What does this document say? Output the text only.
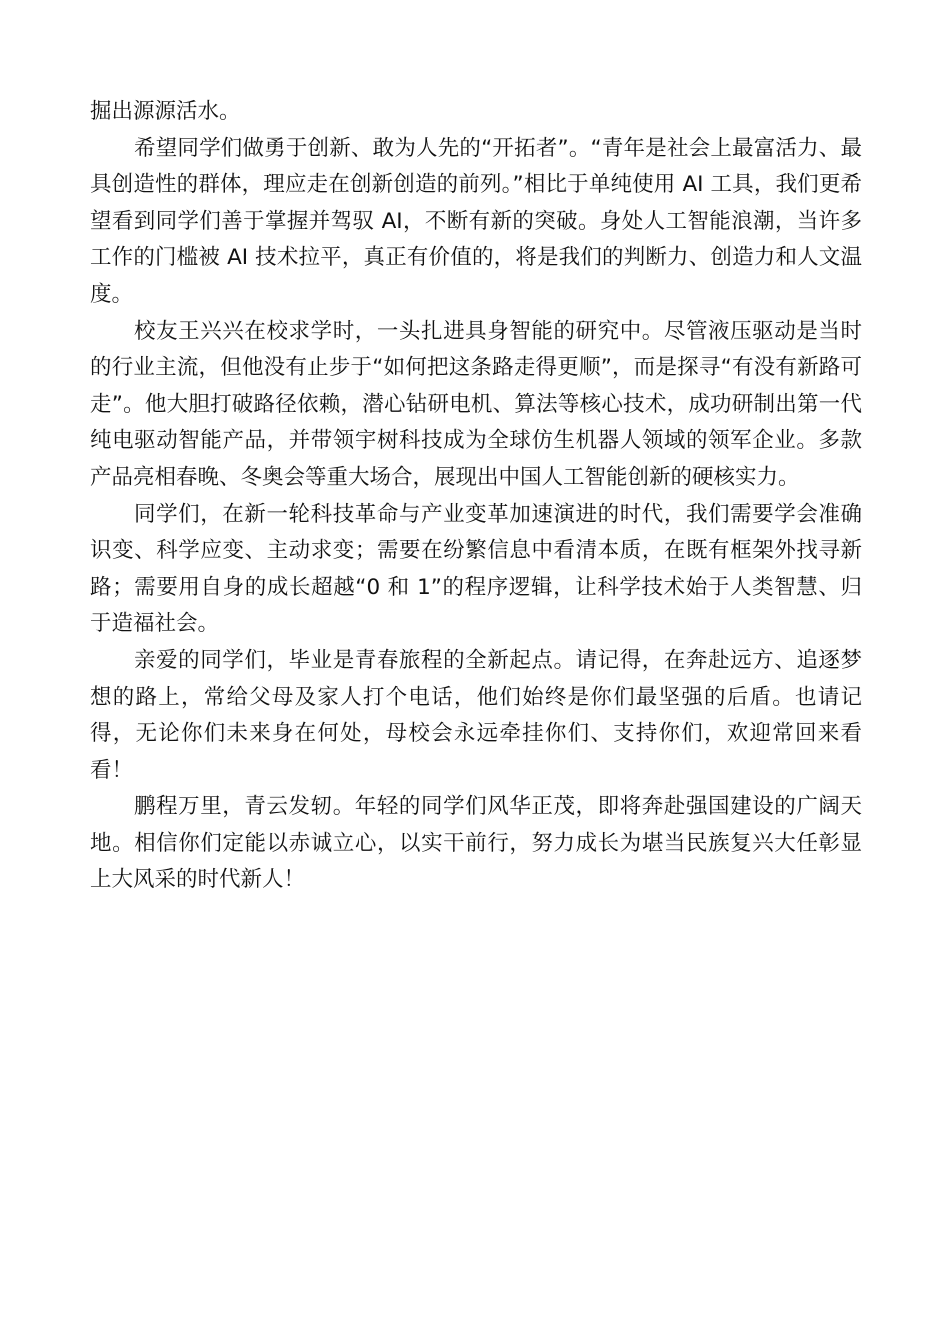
掘出源源活水。

希望同学们做勇于创新、敢为人先的“开拓者”。“青年是社会上最富活力、最具创造性的群体，理应走在创新创造的前列。”相比于单纯使用 AI 工具，我们更希望看到同学们善于掌握并驾驭 AI，不断有新的突破。身处人工智能浪潮，当许多工作的门槛被 AI 技术拉平，真正有价值的，将是我们的判断力、创造力和人文温度。

校友王兴兴在校求学时，一头扎进具身智能的研究中。尽管液压驱动是当时的行业主流，但他没有止步于“如何把这条路走得更顺”，而是探寻“有没有新路可走”。他大胆打破路径依赖，潜心钻研电机、算法等核心技术，成功研制出第一代纯电驱动智能产品，并带领宇树科技成为全球仿生机器人领域的领军企业。多款产品亮相春晚、冬奥会等重大场合，展现出中国人工智能创新的硬核实力。

同学们，在新一轮科技革命与产业变革加速演进的时代，我们需要学会准确识变、科学应变、主动求变；需要在纷繁信息中看清本质，在既有框架外找寻新路；需要用自身的成长超越“0 和 1”的程序逻辑，让科学技术始于人类智慧、归于造福社会。

亲爱的同学们，毕业是青春旅程的全新起点。请记得，在奔赴远方、追逐梦想的路上，常给父母及家人打个电话，他们始终是你们最坚强的后盾。也请记得，无论你们未来身在何处，母校会永远牵挂你们、支持你们，欢迎常回来看看！

鹏程万里，青云发轫。年轻的同学们风华正茂，即将奔赴强国建设的广阔天地。相信你们定能以赤诚立心，以实干前行，努力成长为堪当民族复兴大任彰显上大风采的时代新人！
